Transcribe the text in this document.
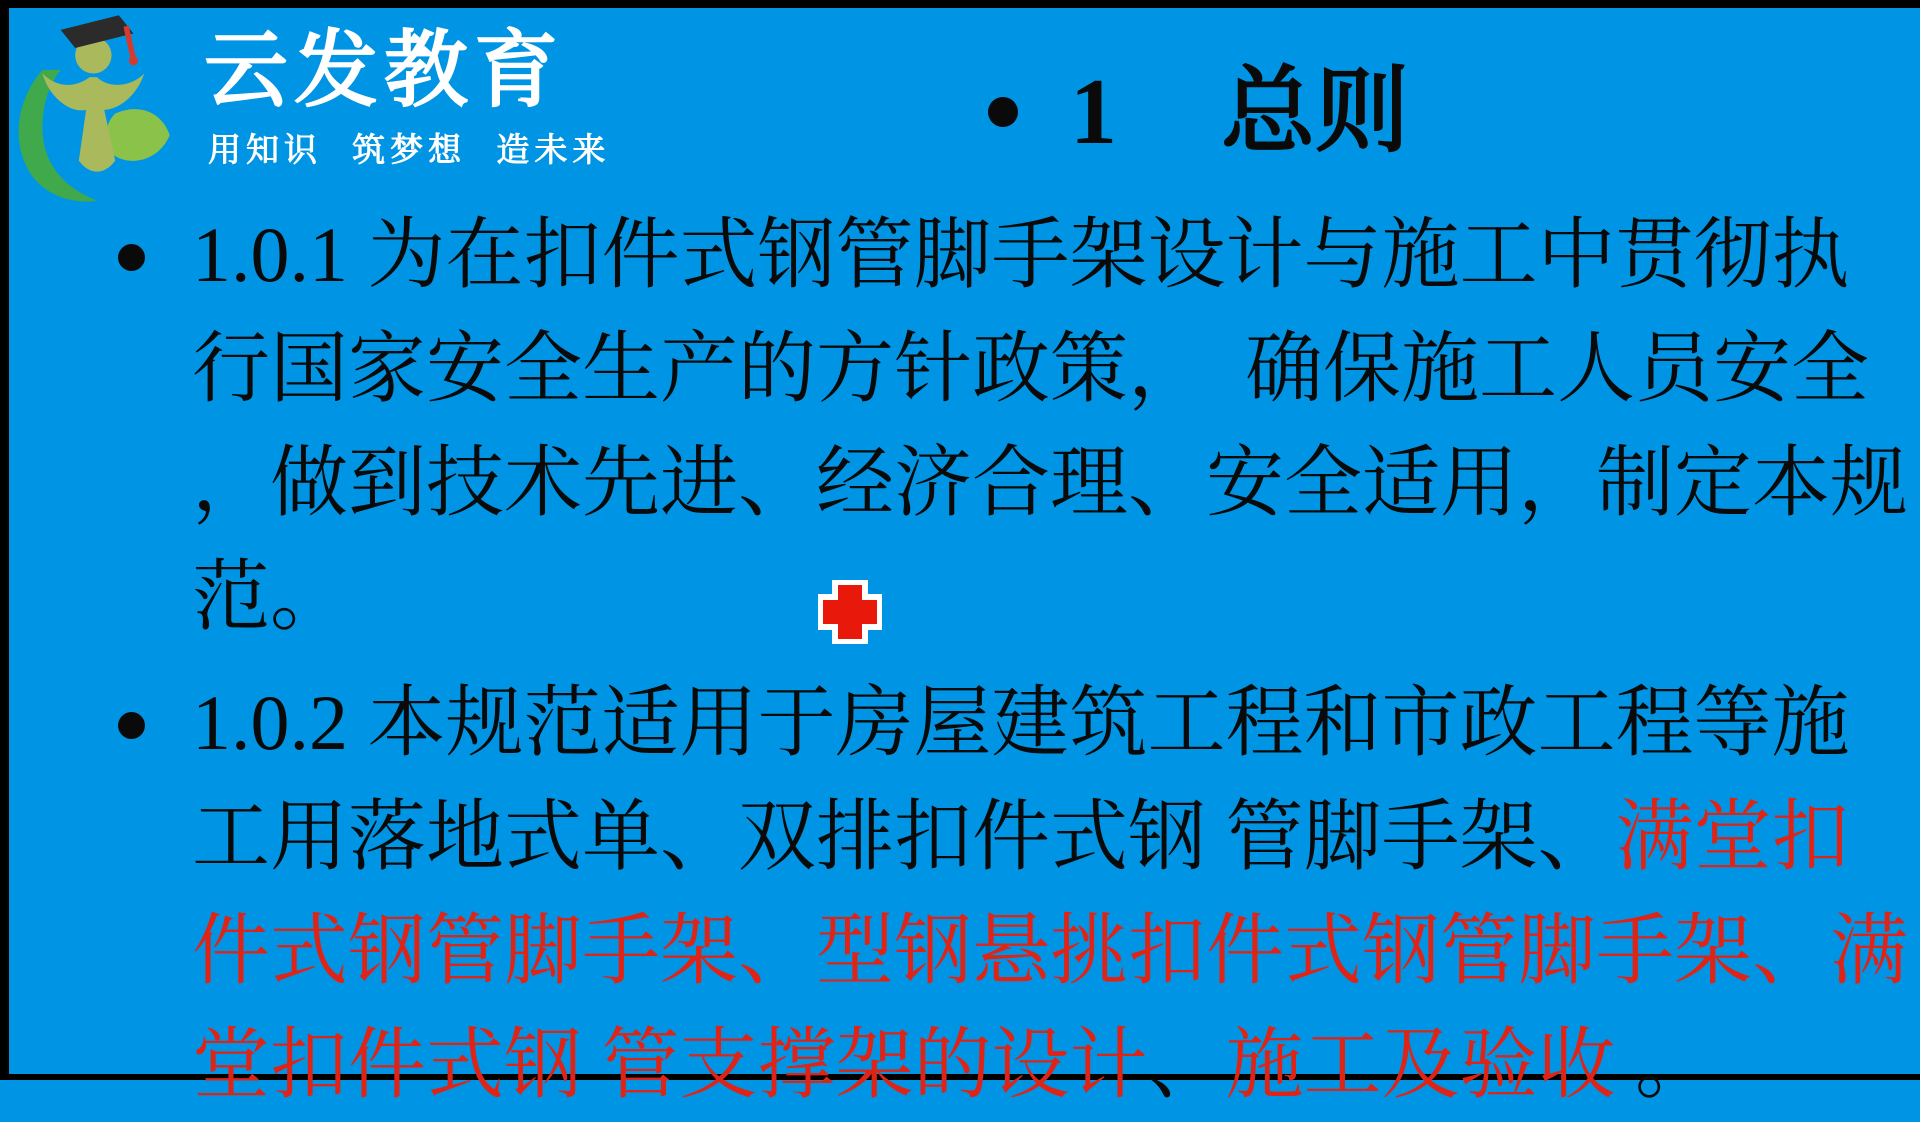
云发教育
用知识 筑梦想 造未来	1 总则
1.0.1 为在扣件式钢管脚手架设计与施工中贯彻执
行国家安全生产的方针政策，　确保施工人员安全
，做到技术先进、经济合理、安全适用，制定本规
范。
1.0.2 本规范适用于房屋建筑工程和市政工程等施
工用落地式单、双排扣件式钢 管脚手架、满堂扣
件式钢管脚手架、型钢悬挑扣件式钢管脚手架、满
堂扣件式钢 管支撑架的设计、施工及验收 。
